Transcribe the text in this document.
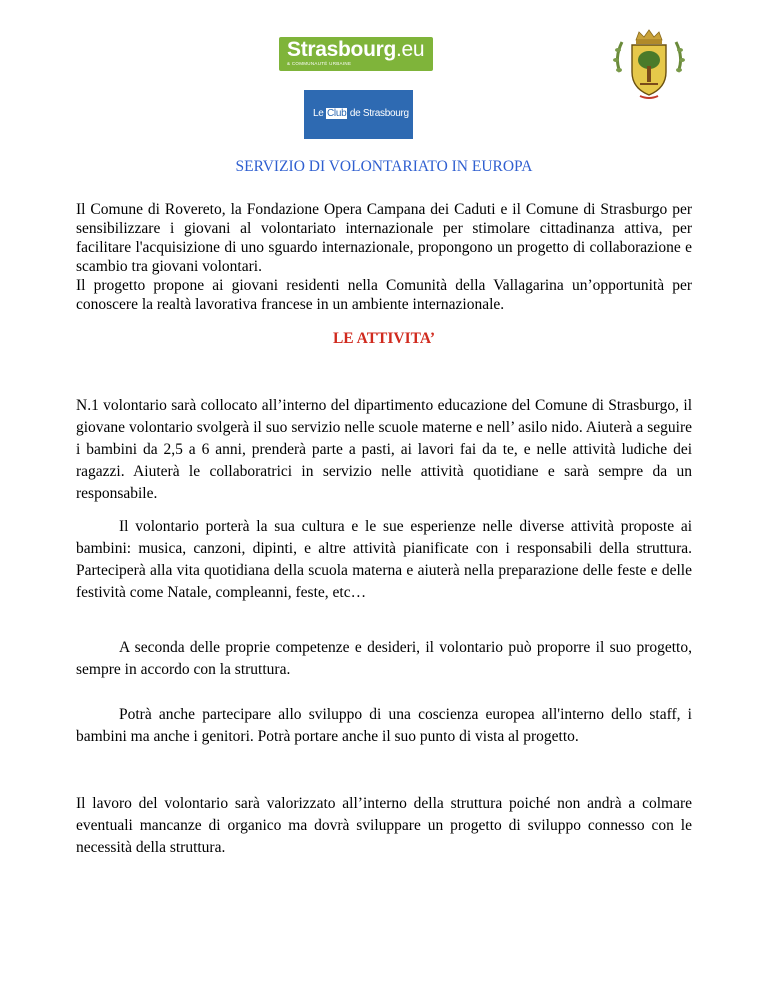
Strasbourg.eu
& COMMUNAUTÉ URBAINE
Le Club de Strasbourg
SERVIZIO DI VOLONTARIATO IN EUROPA

Il Comune di Rovereto, la Fondazione Opera Campana dei Caduti e il Comune di Strasburgo per sensibilizzare i giovani al volontariato internazionale per stimolare cittadinanza attiva, per facilitare l'acquisizione di uno sguardo internazionale, propongono un progetto di collaborazione e scambio tra giovani volontari.
Il progetto propone ai giovani residenti nella Comunità della Vallagarina un’opportunità per conoscere la realtà lavorativa francese in un ambiente internazionale.

LE ATTIVITA’

N.1 volontario sarà collocato all’interno del dipartimento educazione del Comune di Strasburgo, il giovane volontario svolgerà il suo servizio nelle scuole materne e nell’ asilo nido. Aiuterà a seguire i bambini da 2,5 a 6 anni, prenderà parte a pasti, ai lavori fai da te, e nelle attività ludiche dei ragazzi. Aiuterà le collaboratrici in servizio nelle attività quotidiane e sarà sempre da un responsabile.

Il volontario porterà la sua cultura e le sue esperienze nelle diverse attività proposte ai bambini: musica, canzoni, dipinti, e altre attività pianificate con i responsabili della struttura. Parteciperà alla vita quotidiana della scuola materna e aiuterà nella preparazione delle feste e delle festività come Natale, compleanni, feste, etc…

A seconda delle proprie competenze e desideri, il volontario può proporre il suo progetto, sempre in accordo con la struttura.

Potrà anche partecipare allo sviluppo di una coscienza europea all'interno dello staff, i bambini ma anche i genitori. Potrà portare anche il suo punto di vista al progetto.

Il lavoro del volontario sarà valorizzato all’interno della struttura poiché non andrà a colmare eventuali mancanze di organico ma dovrà sviluppare un progetto di sviluppo connesso con le necessità della struttura.
